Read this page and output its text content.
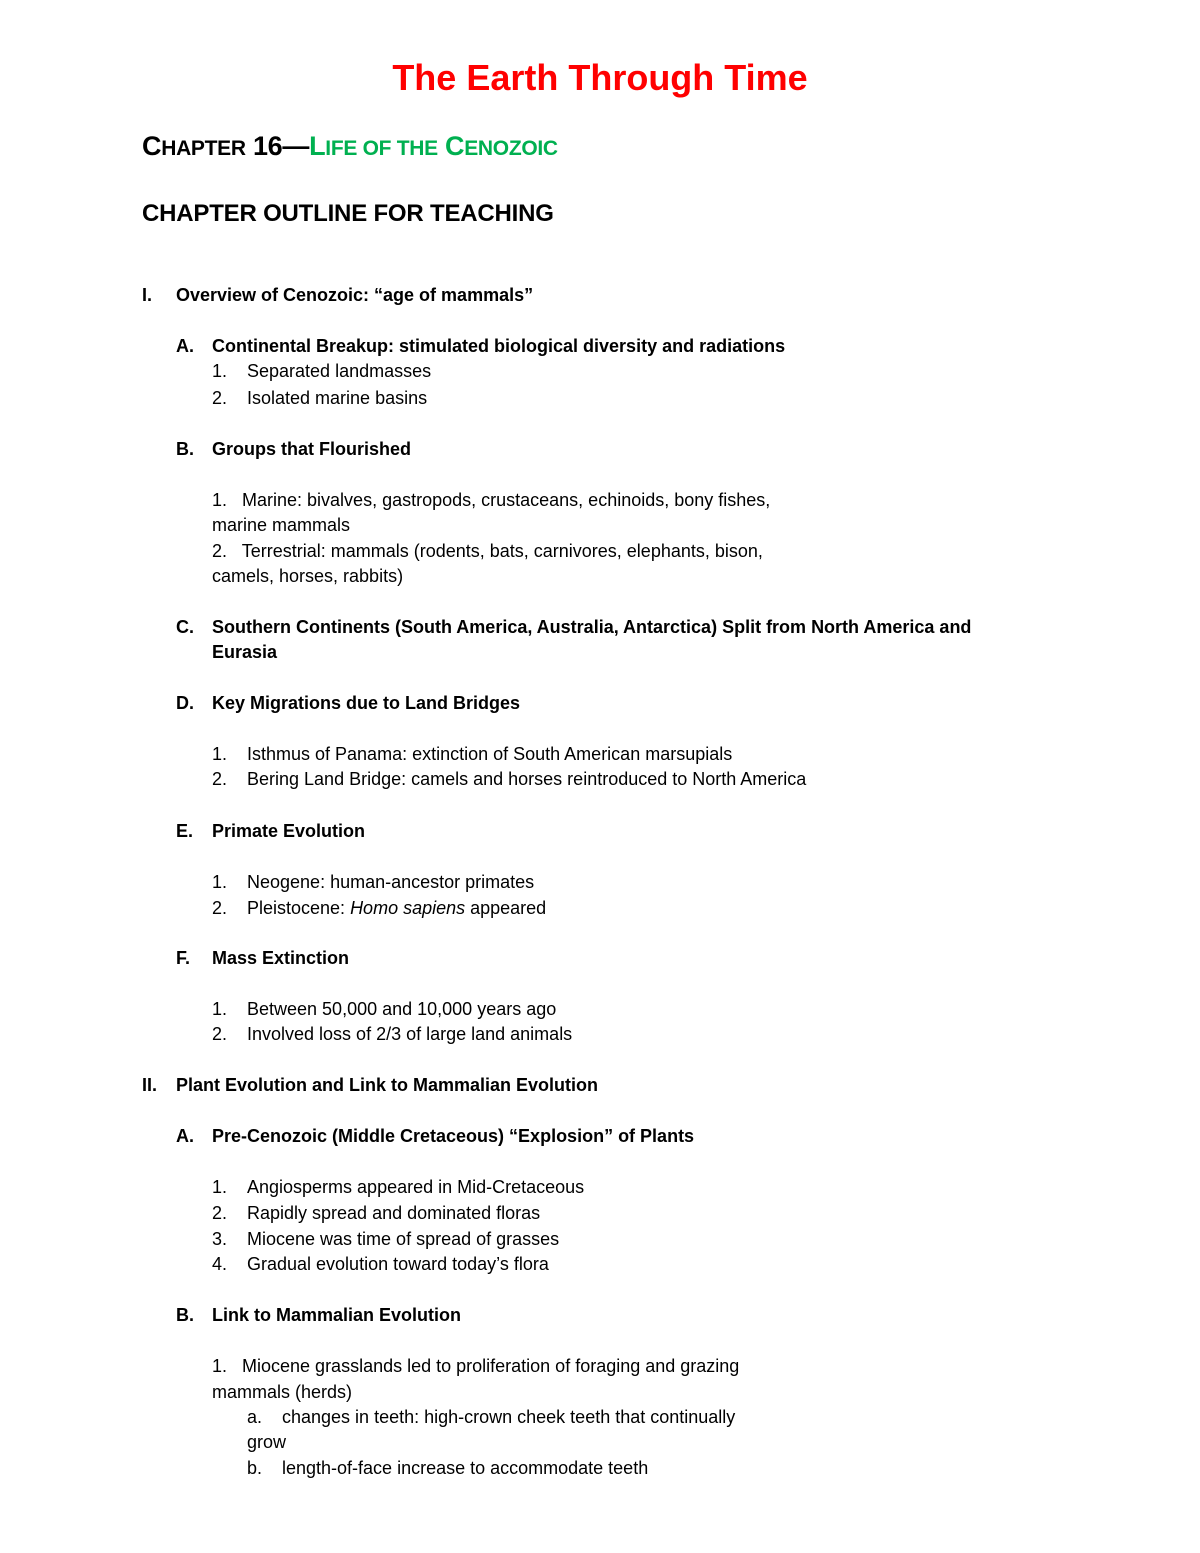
The Earth Through Time
CHAPTER 16—LIFE OF THE CENOZOIC
CHAPTER OUTLINE FOR TEACHING
I. Overview of Cenozoic: “age of mammals”
A. Continental Breakup: stimulated biological diversity and radiations
1. Separated landmasses
2. Isolated marine basins
B. Groups that Flourished
1.   Marine: bivalves, gastropods, crustaceans, echinoids, bony fishes,
marine mammals
2.   Terrestrial: mammals (rodents, bats, carnivores, elephants, bison,
camels, horses, rabbits)
C. Southern Continents (South America, Australia, Antarctica) Split from North America and
Eurasia
D. Key Migrations due to Land Bridges
1. Isthmus of Panama: extinction of South American marsupials
2. Bering Land Bridge: camels and horses reintroduced to North America
E. Primate Evolution
1. Neogene: human-ancestor primates
2. Pleistocene: Homo sapiens appeared
F. Mass Extinction
1. Between 50,000 and 10,000 years ago
2. Involved loss of 2/3 of large land animals
II. Plant Evolution and Link to Mammalian Evolution
A. Pre-Cenozoic (Middle Cretaceous) “Explosion” of Plants
1. Angiosperms appeared in Mid-Cretaceous
2. Rapidly spread and dominated floras
3. Miocene was time of spread of grasses
4. Gradual evolution toward today’s flora
B. Link to Mammalian Evolution
1.   Miocene grasslands led to proliferation of foraging and grazing
mammals (herds)
a. changes in teeth: high-crown cheek teeth that continually
grow
b. length-of-face increase to accommodate teeth
